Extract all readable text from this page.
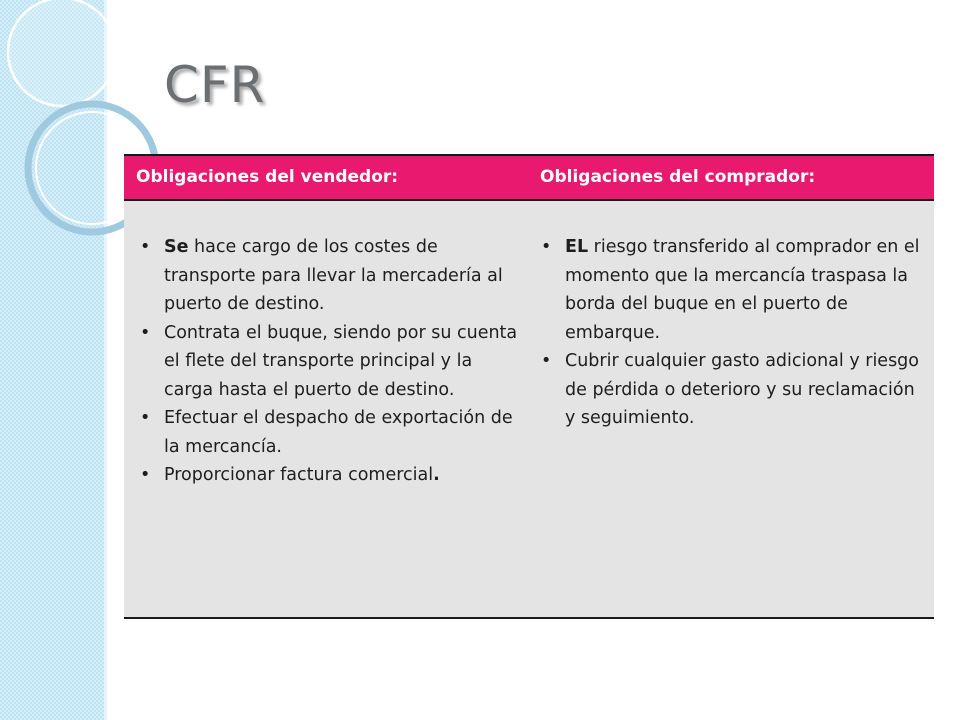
CFR
Obligaciones del vendedor:	Obligaciones del comprador:
• Se hace cargo de los costes de transporte para llevar la mercadería al puerto de destino.
• Contrata el buque, siendo por su cuenta el flete del transporte principal y la carga hasta el puerto de destino.
• Efectuar el despacho de exportación de la mercancía.
• Proporcionar factura comercial.
• EL riesgo transferido al comprador en el momento que la mercancía traspasa la borda del buque en el puerto de embarque.
• Cubrir cualquier gasto adicional y riesgo de pérdida o deterioro y su reclamación y seguimiento.
